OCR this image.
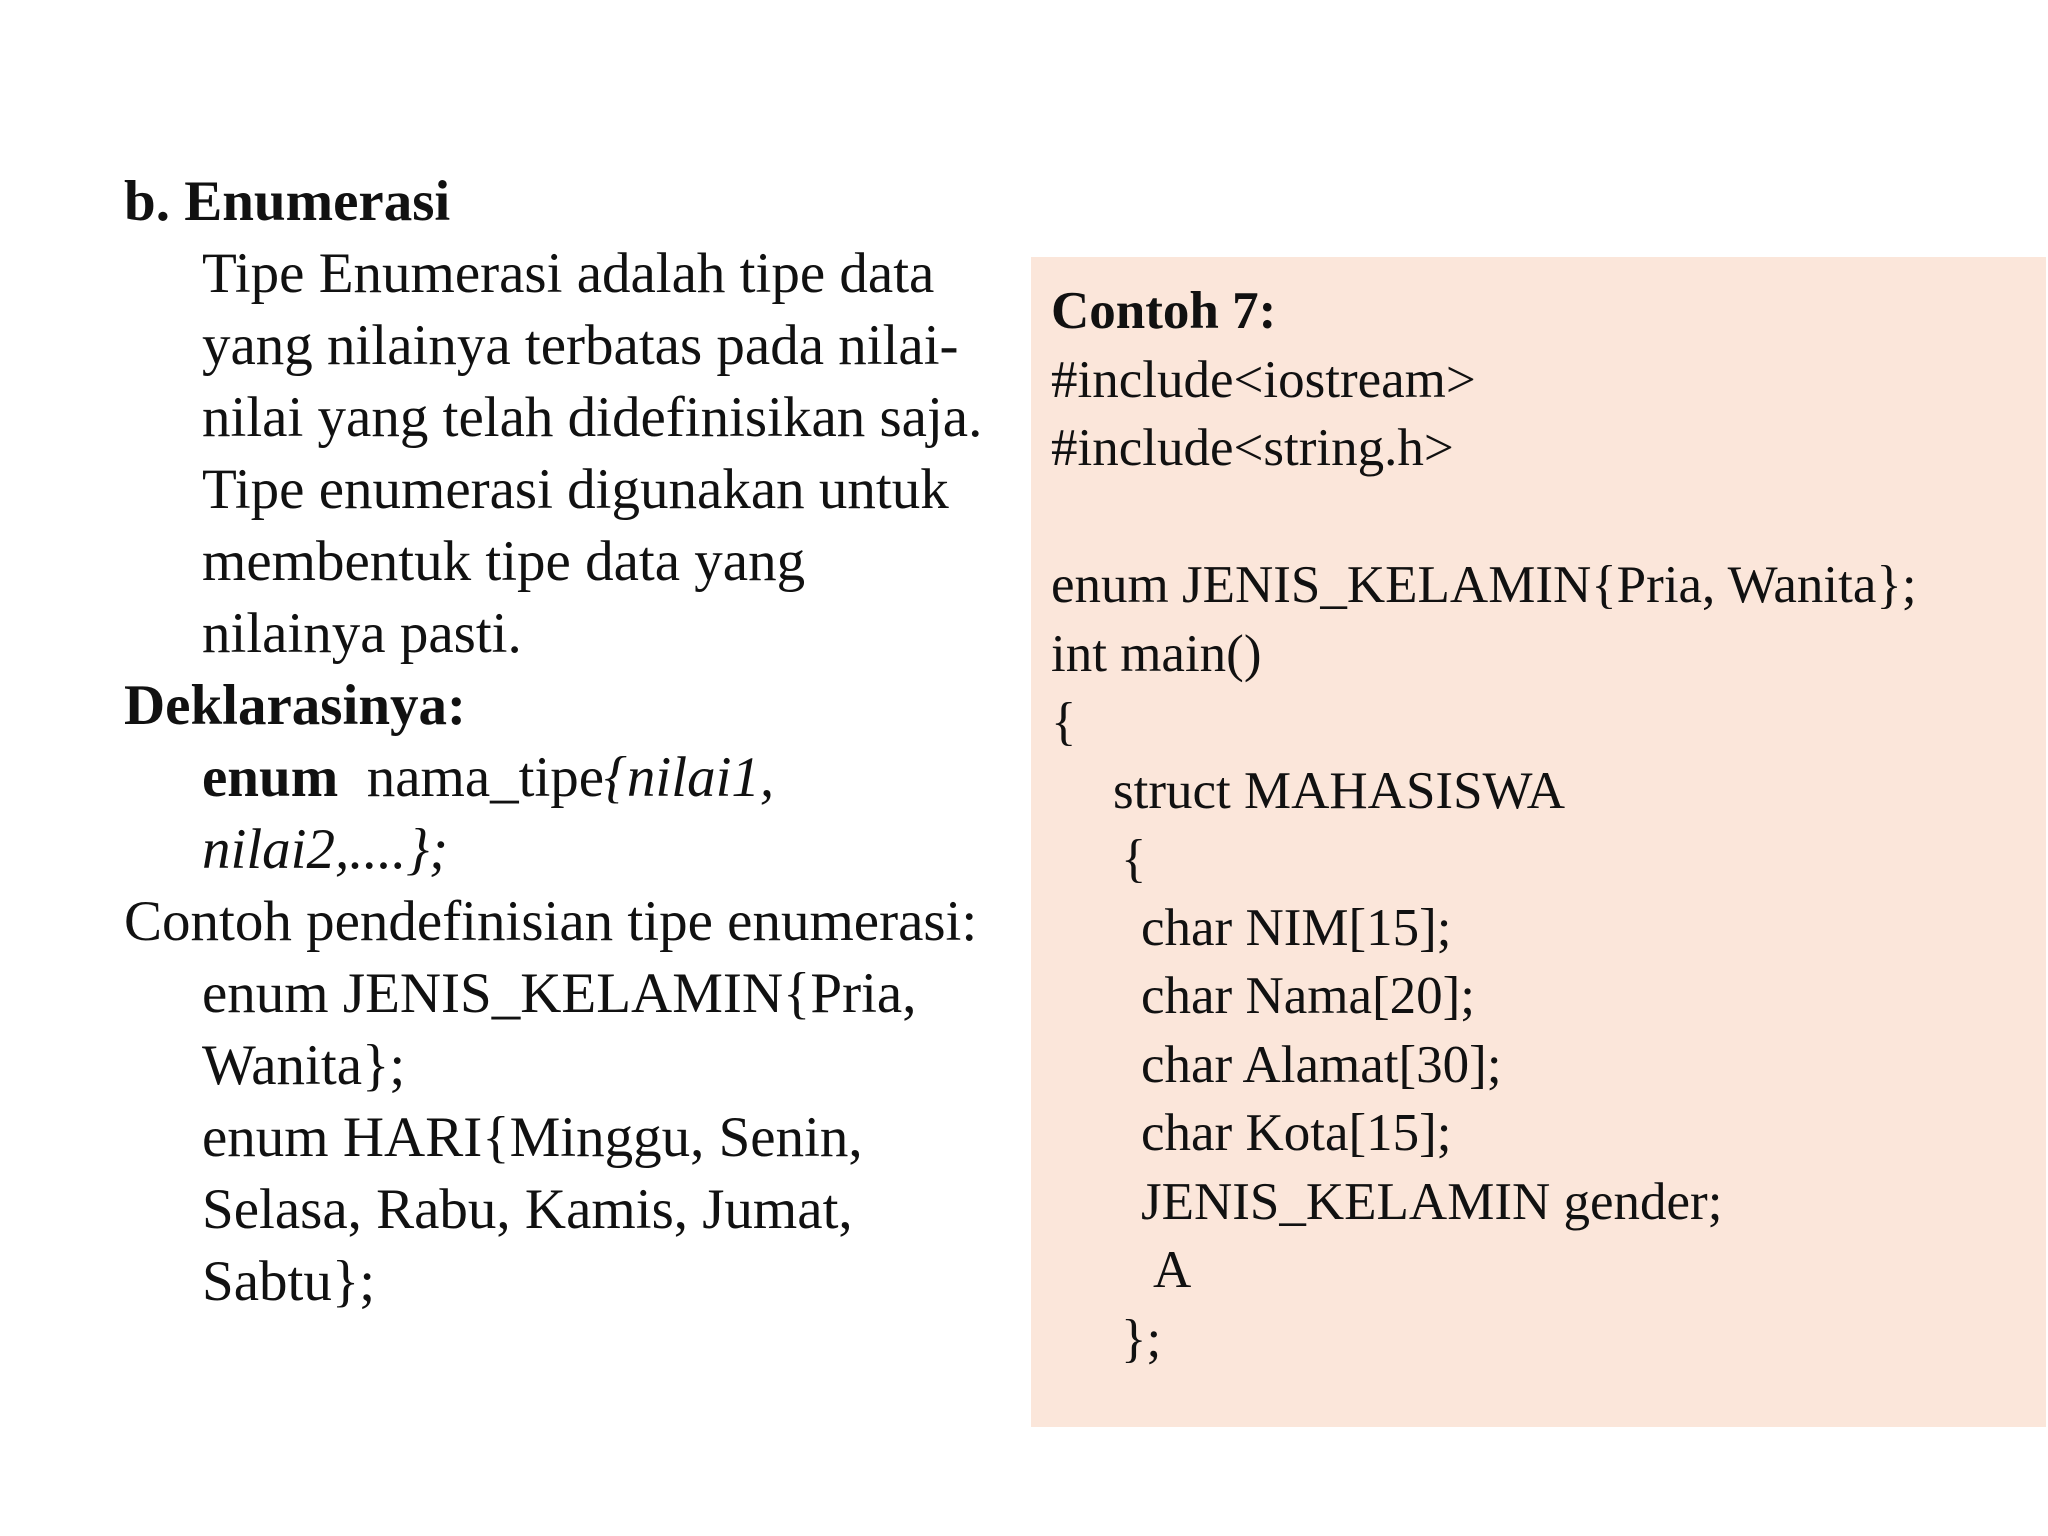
b. Enumerasi
Tipe Enumerasi adalah tipe data
yang nilainya terbatas pada nilai-
nilai yang telah didefinisikan saja.
Tipe enumerasi digunakan untuk
membentuk tipe data yang
nilainya pasti.
Deklarasinya:
enum  nama_tipe{nilai1,
nilai2,....};
Contoh pendefinisian tipe enumerasi:
enum JENIS_KELAMIN{Pria,
Wanita};
enum HARI{Minggu, Senin,
Selasa, Rabu, Kamis, Jumat,
Sabtu};
Contoh 7:
#include<iostream>
#include<string.h>
enum JENIS_KELAMIN{Pria, Wanita};
int main()
{
struct MAHASISWA
{
char NIM[15];
char Nama[20];
char Alamat[30];
char Kota[15];
JENIS_KELAMIN gender;
A
};
